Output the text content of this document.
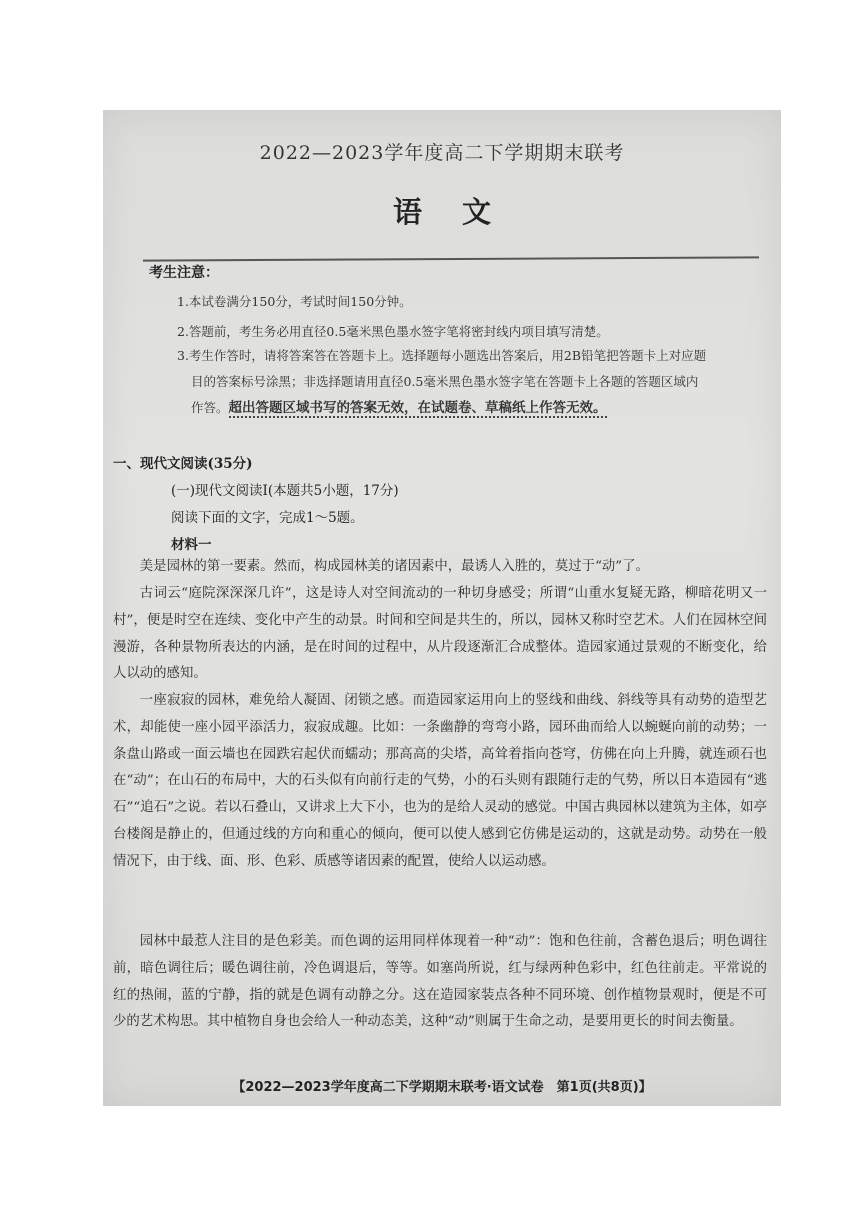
2022—2023学年度高二下学期期末联考
语文
考生注意：
1.本试卷满分150分，考试时间150分钟。
2.答题前，考生务必用直径0.5毫米黑色墨水签字笔将密封线内项目填写清楚。
3.考生作答时，请将答案答在答题卡上。选择题每小题选出答案后，用2B铅笔把答题卡上对应题
目的答案标号涂黑；非选择题请用直径0.5毫米黑色墨水签字笔在答题卡上各题的答题区域内
作答。超出答题区域书写的答案无效，在试题卷、草稿纸上作答无效。
一、现代文阅读(35分)
(一)现代文阅读Ⅰ(本题共5小题，17分)
阅读下面的文字，完成1～5题。
材料一
美是园林的第一要素。然而，构成园林美的诸因素中，最诱人入胜的，莫过于“动”了。
古词云“庭院深深深几许”，这是诗人对空间流动的一种切身感受；所谓“山重水复疑无路，柳暗花明又一村”，便是时空在连续、变化中产生的动景。时间和空间是共生的，所以，园林又称时空艺术。人们在园林空间漫游，各种景物所表达的内涵，是在时间的过程中，从片段逐渐汇合成整体。造园家通过景观的不断变化，给人以动的感知。
一座寂寂的园林，难免给人凝固、闭锁之感。而造园家运用向上的竖线和曲线、斜线等具有动势的造型艺术，却能使一座小园平添活力，寂寂成趣。比如：一条幽静的弯弯小路，园环曲而给人以蜿蜒向前的动势；一条盘山路或一面云墙也在园跌宕起伏而蠕动；那高高的尖塔，高耸着指向苍穹，仿佛在向上升腾，就连顽石也在“动”；在山石的布局中，大的石头似有向前行走的气势，小的石头则有跟随行走的气势，所以日本造园有“逃石”“追石”之说。若以石叠山，又讲求上大下小，也为的是给人灵动的感觉。中国古典园林以建筑为主体，如亭台楼阁是静止的，但通过线的方向和重心的倾向，便可以使人感到它仿佛是运动的，这就是动势。动势在一般情况下，由于线、面、形、色彩、质感等诸因素的配置，使给人以运动感。
园林中最惹人注目的是色彩美。而色调的运用同样体现着一种“动”：饱和色往前，含蓄色退后；明色调往前，暗色调往后；暖色调往前，冷色调退后，等等。如塞尚所说，红与绿两种色彩中，红色往前走。平常说的红的热闹，蓝的宁静，指的就是色调有动静之分。这在造园家装点各种不同环境、创作植物景观时，便是不可少的艺术构思。其中植物自身也会给人一种动态美，这种“动”则属于生命之动，是要用更长的时间去衡量。
【2022—2023学年度高二下学期期末联考·语文试卷　第1页(共8页)】
